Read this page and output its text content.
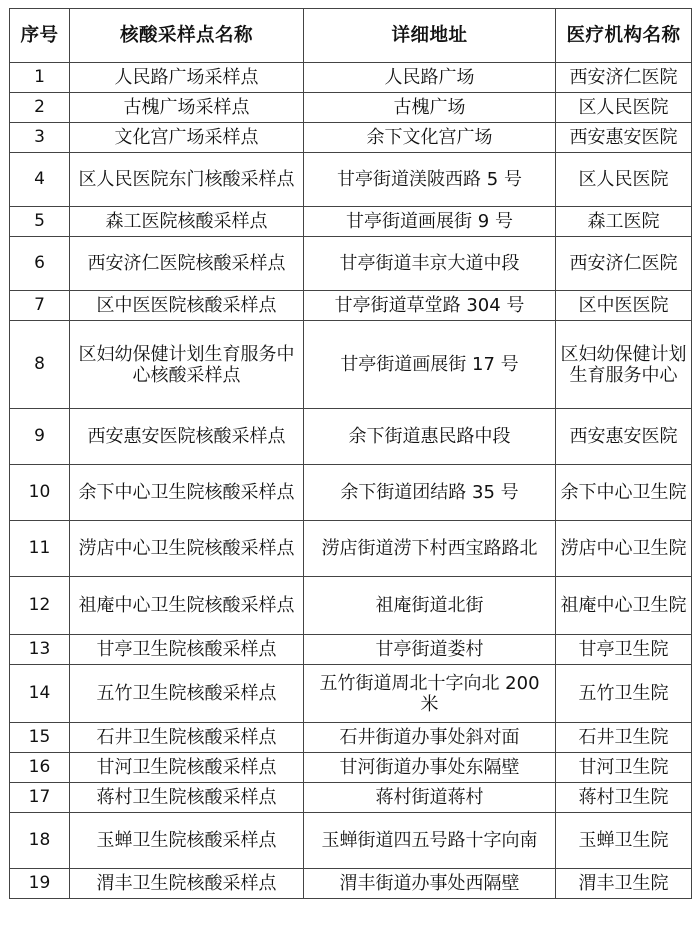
序号	核酸采样点名称	详细地址	医疗机构名称
1	人民路广场采样点	人民路广场	西安济仁医院
2	古槐广场采样点	古槐广场	区人民医院
3	文化宫广场采样点	余下文化宫广场	西安惠安医院
4	区人民医院东门核酸采样点	甘亭街道渼陂西路 5 号	区人民医院
5	森工医院核酸采样点	甘亭街道画展街 9 号	森工医院
6	西安济仁医院核酸采样点	甘亭街道丰京大道中段	西安济仁医院
7	区中医医院核酸采样点	甘亭街道草堂路 304 号	区中医医院
8	区妇幼保健计划生育服务中心核酸采样点	甘亭街道画展街 17 号	区妇幼保健计划生育服务中心
9	西安惠安医院核酸采样点	余下街道惠民路中段	西安惠安医院
10	余下中心卫生院核酸采样点	余下街道团结路 35 号	余下中心卫生院
11	涝店中心卫生院核酸采样点	涝店街道涝下村西宝路路北	涝店中心卫生院
12	祖庵中心卫生院核酸采样点	祖庵街道北街	祖庵中心卫生院
13	甘亭卫生院核酸采样点	甘亭街道娄村	甘亭卫生院
14	五竹卫生院核酸采样点	五竹街道周北十字向北 200 米	五竹卫生院
15	石井卫生院核酸采样点	石井街道办事处斜对面	石井卫生院
16	甘河卫生院核酸采样点	甘河街道办事处东隔壁	甘河卫生院
17	蒋村卫生院核酸采样点	蒋村街道蒋村	蒋村卫生院
18	玉蝉卫生院核酸采样点	玉蝉街道四五号路十字向南	玉蝉卫生院
19	渭丰卫生院核酸采样点	渭丰街道办事处西隔壁	渭丰卫生院
